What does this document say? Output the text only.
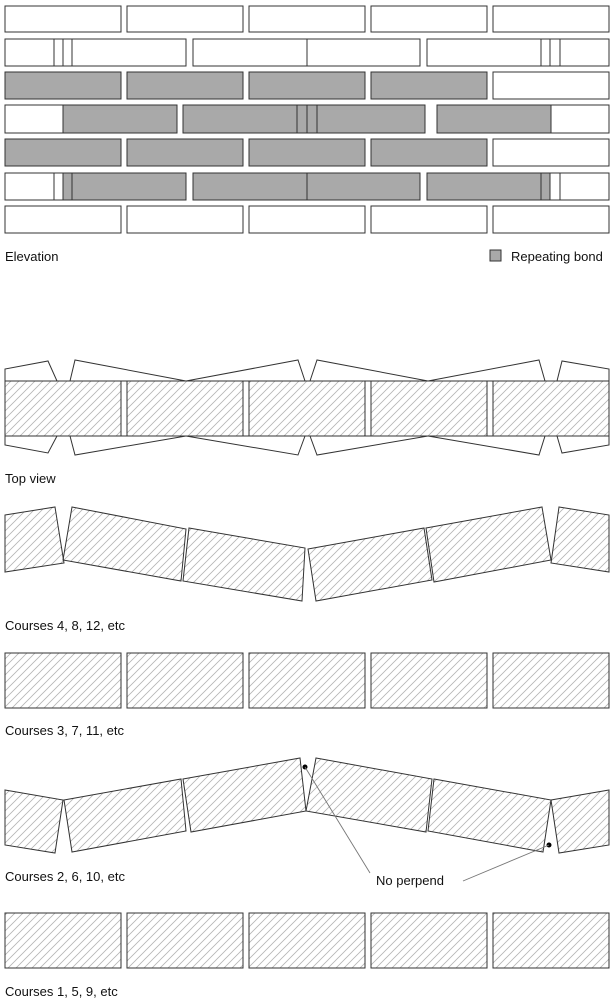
Elevation	Repeating bond
Top view
Courses 4, 8, 12, etc
Courses 3, 7, 11, etc
No perpend
Courses 2, 6, 10, etc
Courses 1, 5, 9, etc
